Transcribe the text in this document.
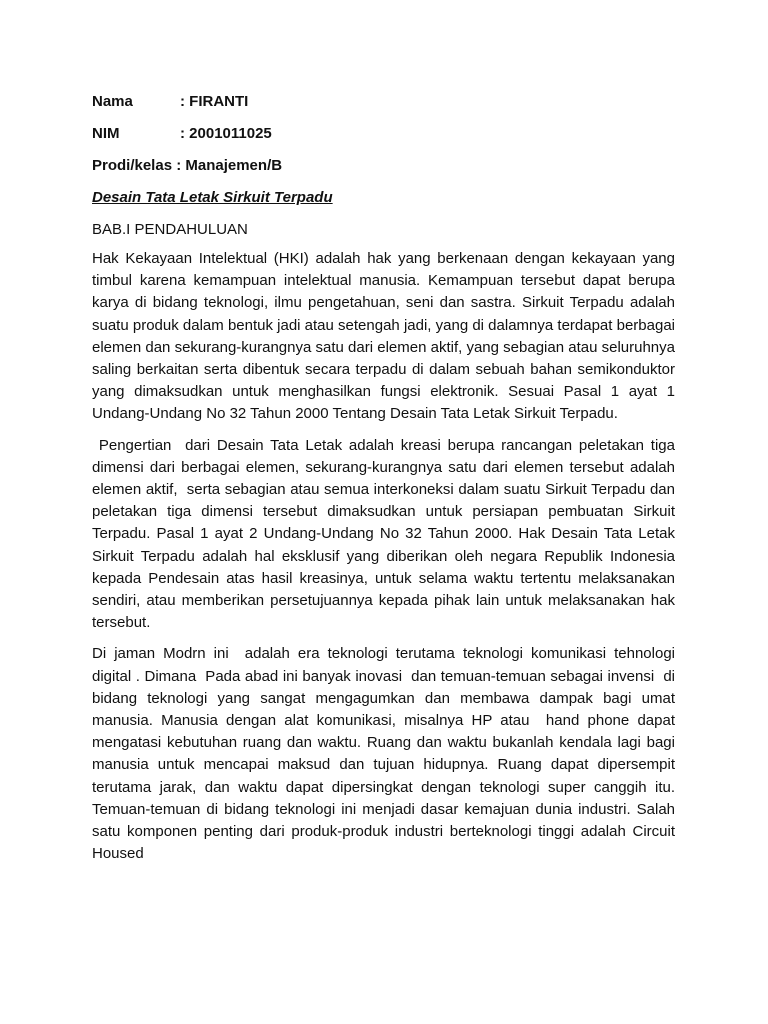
Nama	: FIRANTI
NIM	: 2001011025
Prodi/kelas : Manajemen/B
Desain Tata Letak Sirkuit Terpadu
BAB.I PENDAHULUAN

Hak Kekayaan Intelektual (HKI) adalah hak yang berkenaan dengan kekayaan yang timbul karena kemampuan intelektual manusia. Kemampuan tersebut dapat berupa karya di bidang teknologi, ilmu pengetahuan, seni dan sastra. Sirkuit Terpadu adalah suatu produk dalam bentuk jadi atau setengah jadi, yang di dalamnya terdapat berbagai elemen dan sekurang-kurangnya satu dari elemen aktif, yang sebagian atau seluruhnya saling berkaitan serta dibentuk secara terpadu di dalam sebuah bahan semikonduktor yang dimaksudkan untuk menghasilkan fungsi elektronik. Sesuai Pasal 1 ayat 1 Undang-Undang No 32 Tahun 2000 Tentang Desain Tata Letak Sirkuit Terpadu.

Pengertian  dari Desain Tata Letak adalah kreasi berupa rancangan peletakan tiga dimensi dari berbagai elemen, sekurang-kurangnya satu dari elemen tersebut adalah elemen aktif,  serta sebagian atau semua interkoneksi dalam suatu Sirkuit Terpadu dan peletakan tiga dimensi tersebut dimaksudkan untuk persiapan pembuatan Sirkuit Terpadu. Pasal 1 ayat 2 Undang-Undang No 32 Tahun 2000. Hak Desain Tata Letak Sirkuit Terpadu adalah hal eksklusif yang diberikan oleh negara Republik Indonesia kepada Pendesain atas hasil kreasinya, untuk selama waktu tertentu melaksanakan sendiri, atau memberikan persetujuannya kepada pihak lain untuk melaksanakan hak tersebut.

Di jaman Modrn ini  adalah era teknologi terutama teknologi komunikasi tehnologi digital . Dimana  Pada abad ini banyak inovasi  dan temuan-temuan sebagai invensi  di bidang teknologi yang sangat mengagumkan dan membawa dampak bagi umat manusia. Manusia dengan alat komunikasi, misalnya HP atau  hand phone dapat mengatasi kebutuhan ruang dan waktu. Ruang dan waktu bukanlah kendala lagi bagi manusia untuk mencapai maksud dan tujuan hidupnya. Ruang dapat dipersempit  terutama jarak, dan waktu dapat dipersingkat dengan teknologi super canggih itu. Temuan-temuan di bidang teknologi ini menjadi dasar kemajuan dunia industri. Salah satu komponen penting dari produk-produk industri berteknologi tinggi adalah Circuit Housed
